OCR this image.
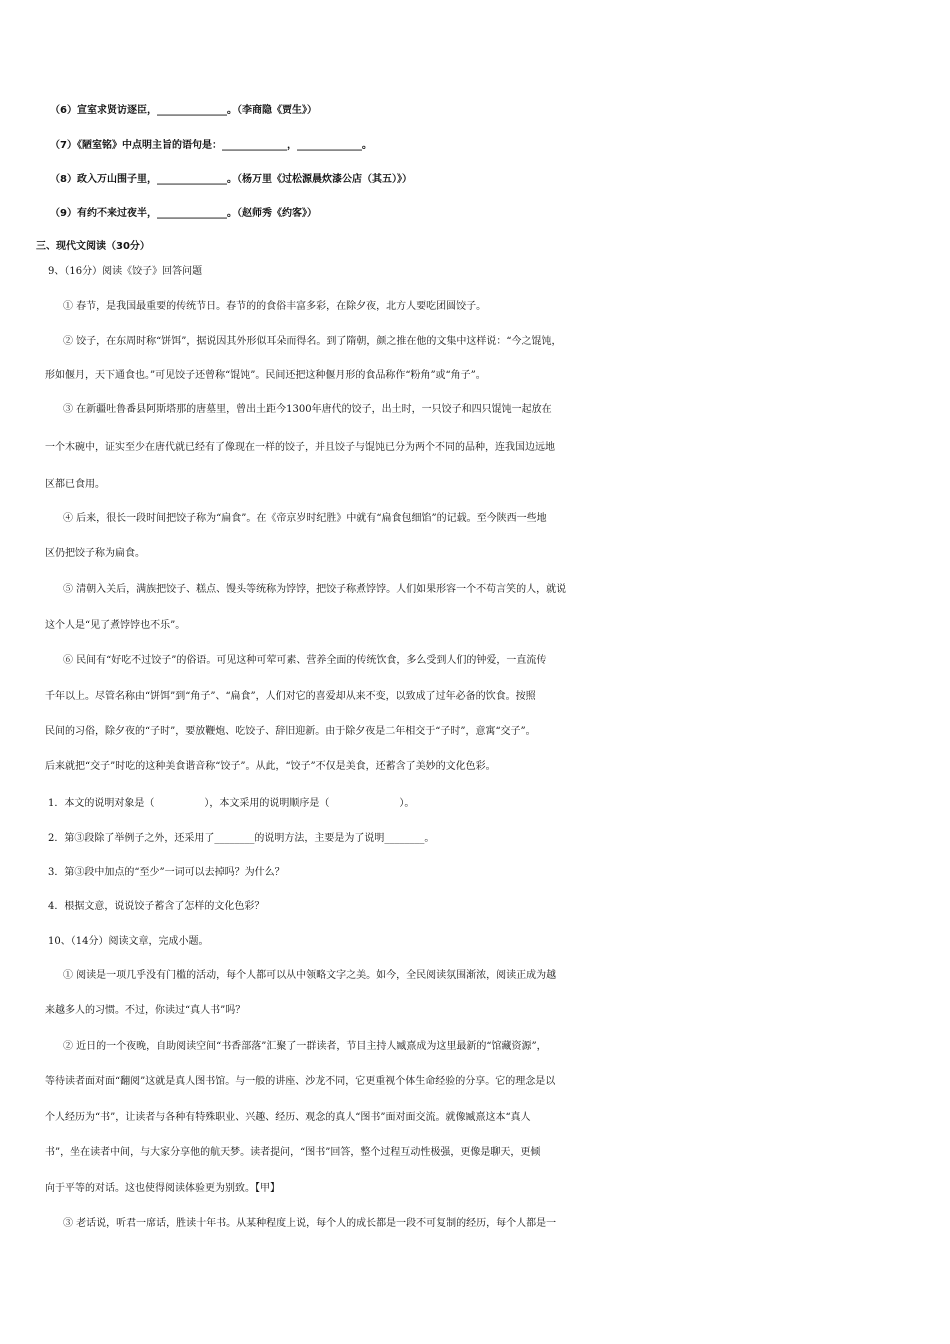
（6）宣室求贤访逐臣，______________。（李商隐《贾生》）
（7）《陋室铭》中点明主旨的语句是：_____________，_____________。
（8）政入万山围子里，______________。（杨万里《过松源晨炊漆公店（其五）》）
（9）有约不来过夜半，______________。（赵师秀《约客》）
三、现代文阅读（30分）
9、（16分）阅读《饺子》回答问题
① 春节，是我国最重要的传统节日。春节的的食俗丰富多彩，在除夕夜，北方人要吃团圆饺子。
② 饺子，在东周时称“饼饵”，据说因其外形似耳朵而得名。到了隋朝，颜之推在他的文集中这样说：“今之馄饨，
形如偃月，天下通食也。”可见饺子还曾称“馄饨”。民间还把这种偃月形的食品称作“粉角”或“角子”。
③ 在新疆吐鲁番县阿斯塔那的唐墓里，曾出土距今1300年唐代的饺子，出土时，一只饺子和四只馄饨一起放在
一个木碗中，证实至少在唐代就已经有了像现在一样的饺子，并且饺子与馄饨已分为两个不同的品种，连我国边远地
区都已食用。
④ 后来，很长一段时间把饺子称为“扁食”。在《帝京岁时纪胜》中就有“扁食包细馅”的记载。至今陕西一些地
区仍把饺子称为扁食。
⑤ 清朝入关后，满族把饺子、糕点、馒头等统称为饽饽，把饺子称煮饽饽。人们如果形容一个不苟言笑的人，就说
这个人是“见了煮饽饽也不乐”。
⑥ 民间有“好吃不过饺子”的俗语。可见这种可荤可素、营养全面的传统饮食，多么受到人们的钟爱，一直流传
千年以上。尽管名称由“饼饵”到“角子”、“扁食”，人们对它的喜爱却从来不变，以致成了过年必备的饮食。按照
民间的习俗，除夕夜的“子时”，要放鞭炮、吃饺子、辞旧迎新。由于除夕夜是二年相交于“子时”，意寓“交子”。
后来就把“交子”时吃的这种美食谐音称“饺子”。从此，“饺子”不仅是美食，还蓄含了美妙的文化色彩。
1．本文的说明对象是（　　　　　），本文采用的说明顺序是（　　　　　　　）。
2．第③段除了举例子之外，还采用了________的说明方法，主要是为了说明________。
3．第③段中加点的“至少”一词可以去掉吗？为什么？
4．根据文意，说说饺子蓄含了怎样的文化色彩？
10、（14分）阅读文章，完成小题。
① 阅读是一项几乎没有门槛的活动，每个人都可以从中领略文字之美。如今，全民阅读氛围渐浓，阅读正成为越
来越多人的习惯。不过，你读过“真人书”吗？
② 近日的一个夜晚，自助阅读空间“书香部落”汇聚了一群读者，节目主持人臧熹成为这里最新的“馆藏资源”，
等待读者面对面“翻阅”这就是真人图书馆。与一般的讲座、沙龙不同，它更重视个体生命经验的分享。它的理念是以
个人经历为“书”，让读者与各种有特殊职业、兴趣、经历、观念的真人“图书”面对面交流。就像臧熹这本“真人
书”，坐在读者中间，与大家分享他的航天梦。读者提问，“图书”回答，整个过程互动性极强，更像是聊天，更倾
向于平等的对话。这也使得阅读体验更为别致。【甲】
③ 老话说，听君一席话，胜读十年书。从某种程度上说，每个人的成长都是一段不可复制的经历，每个人都是一
